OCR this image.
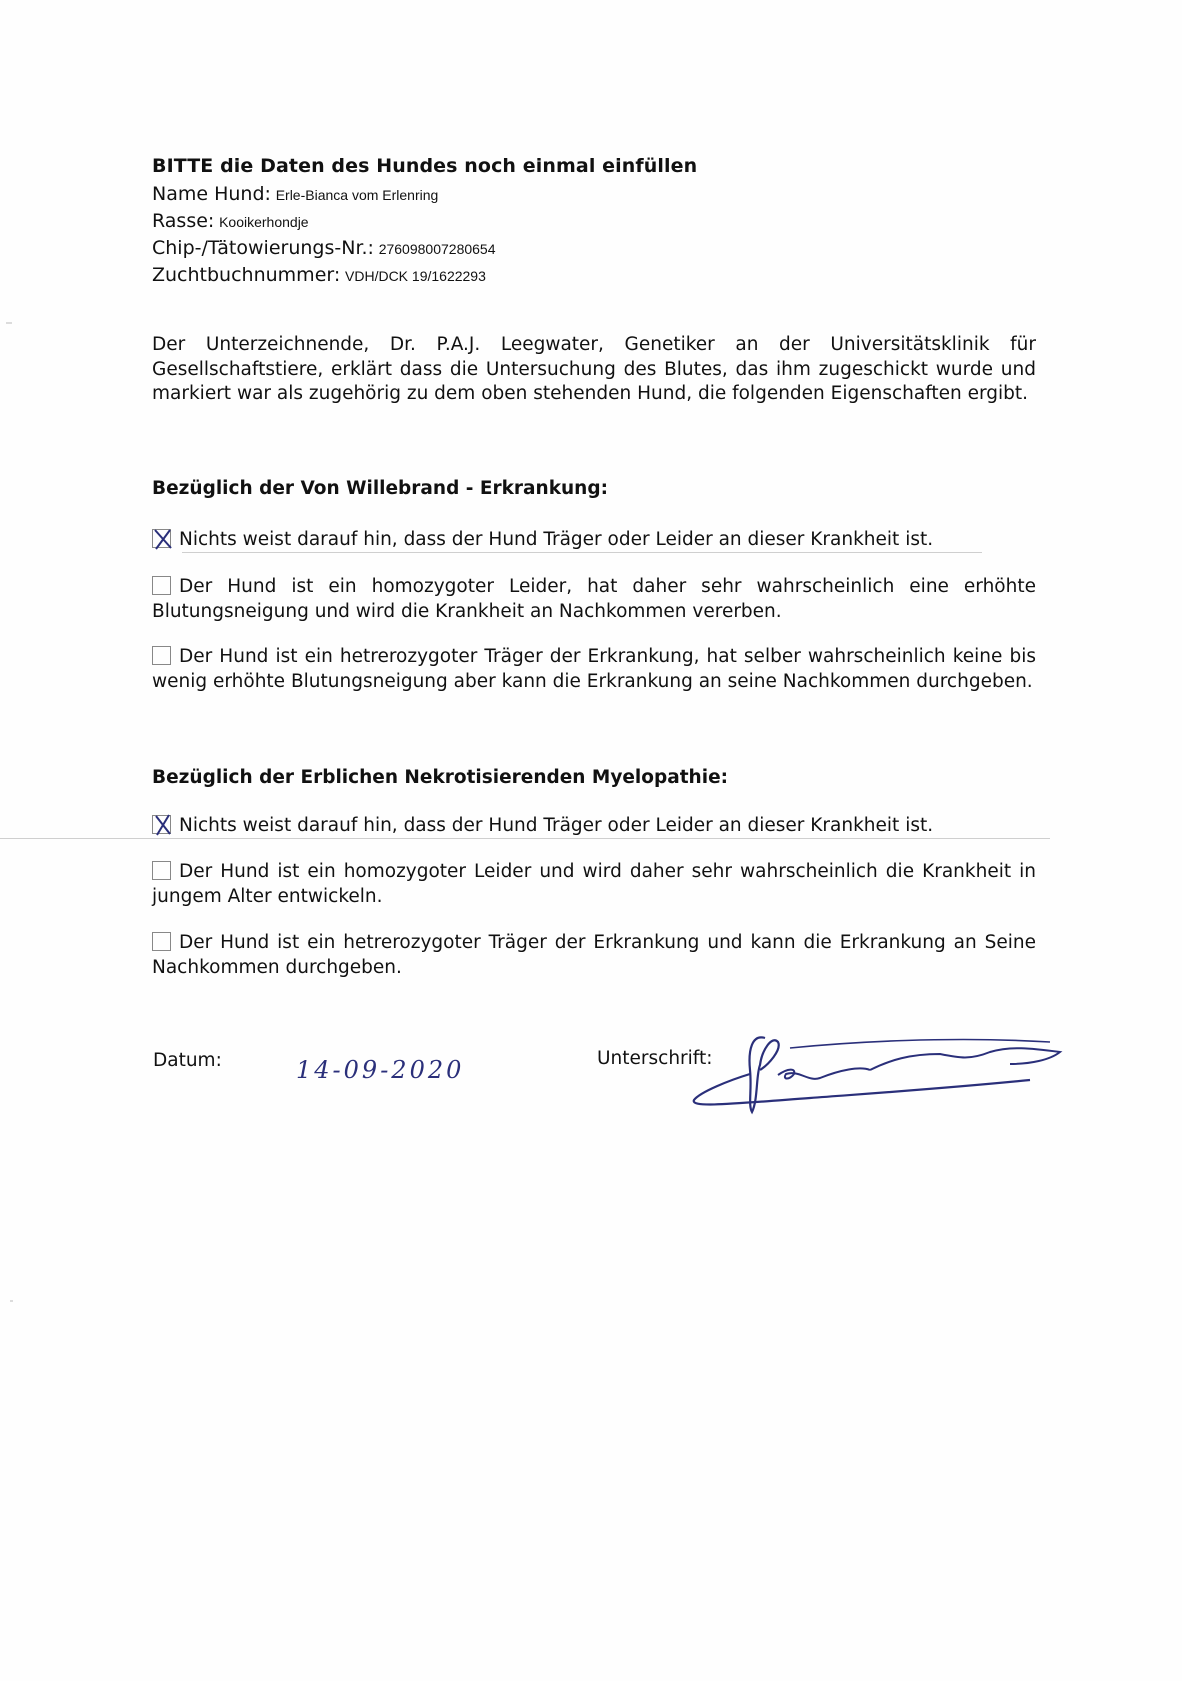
BITTE die Daten des Hundes noch einmal einfüllen
Name Hund: Erle-Bianca vom Erlenring
Rasse: Kooikerhondje
Chip-/Tätowierungs-Nr.: 276098007280654
Zuchtbuchnummer: VDH/DCK 19/1622293
Der Unterzeichnende, Dr. P.A.J. Leegwater, Genetiker an der Universitätsklinik für Gesellschaftstiere, erklärt dass die Untersuchung des Blutes, das ihm zugeschickt wurde und markiert war als zugehörig zu dem oben stehenden Hund, die folgenden Eigenschaften ergibt.
Bezüglich der Von Willebrand - Erkrankung:
Nichts weist darauf hin, dass der Hund Träger oder Leider an dieser Krankheit ist.
Der Hund ist ein homozygoter Leider, hat daher sehr wahrscheinlich eine erhöhte Blutungsneigung und wird die Krankheit an Nachkommen vererben.
Der Hund ist ein hetrerozygoter Träger der Erkrankung, hat selber wahrscheinlich keine bis wenig erhöhte Blutungsneigung aber kann die Erkrankung an seine Nachkommen durchgeben.
Bezüglich der Erblichen Nekrotisierenden Myelopathie:
Nichts weist darauf hin, dass der Hund Träger oder Leider an dieser Krankheit ist.
Der Hund ist ein homozygoter Leider und wird daher sehr wahrscheinlich die Krankheit in jungem Alter entwickeln.
Der Hund ist ein hetrerozygoter Träger der Erkrankung und kann die Erkrankung an Seine Nachkommen durchgeben.
Datum:	14-09-2020	Unterschrift:
